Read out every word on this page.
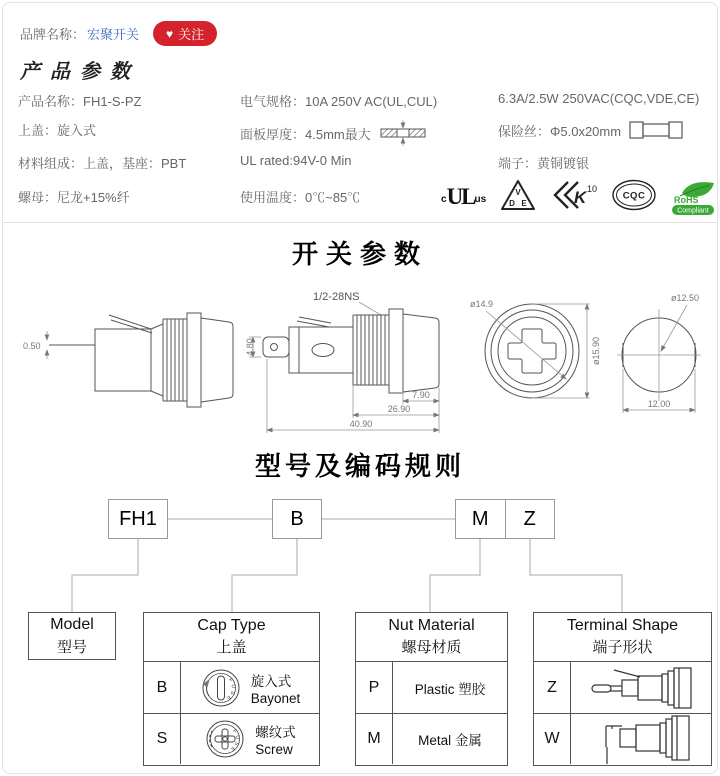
品牌名称： 宏聚开关 ♥ 关注
产品参数
产品名称：FH1-S-PZ
上盖：旋入式
材料组成：上盖，基座：PBT
螺母：尼龙+15%纤
电气规格：10A 250V AC(UL,CUL)
面板厚度：4.5mm最大
UL rated:94V-0 Min
使用温度：0℃~85℃
6.3A/2.5W 250VAC(CQC,VDE,CE)
保险丝：Φ5.0x20mm
端子：黄铜镀银
c UL us
V
D E	K 10
CQC	RoHS
Compliant
开关参数
0.50
1/2-28NS
4.80
7.90
26.90
40.90
ø14.9
ø15.90
ø12.50
12.00
型号及编码规则
FH1	B	M	Z
Model
型号
Cap Type
上盖
B	FUSE
旋入式
Bayonet
S	FUSE
螺纹式
Screw
Nut Material
螺母材质
P	Plastic 塑胶
M	Metal 金属
Terminal Shape
端子形状
Z
W
